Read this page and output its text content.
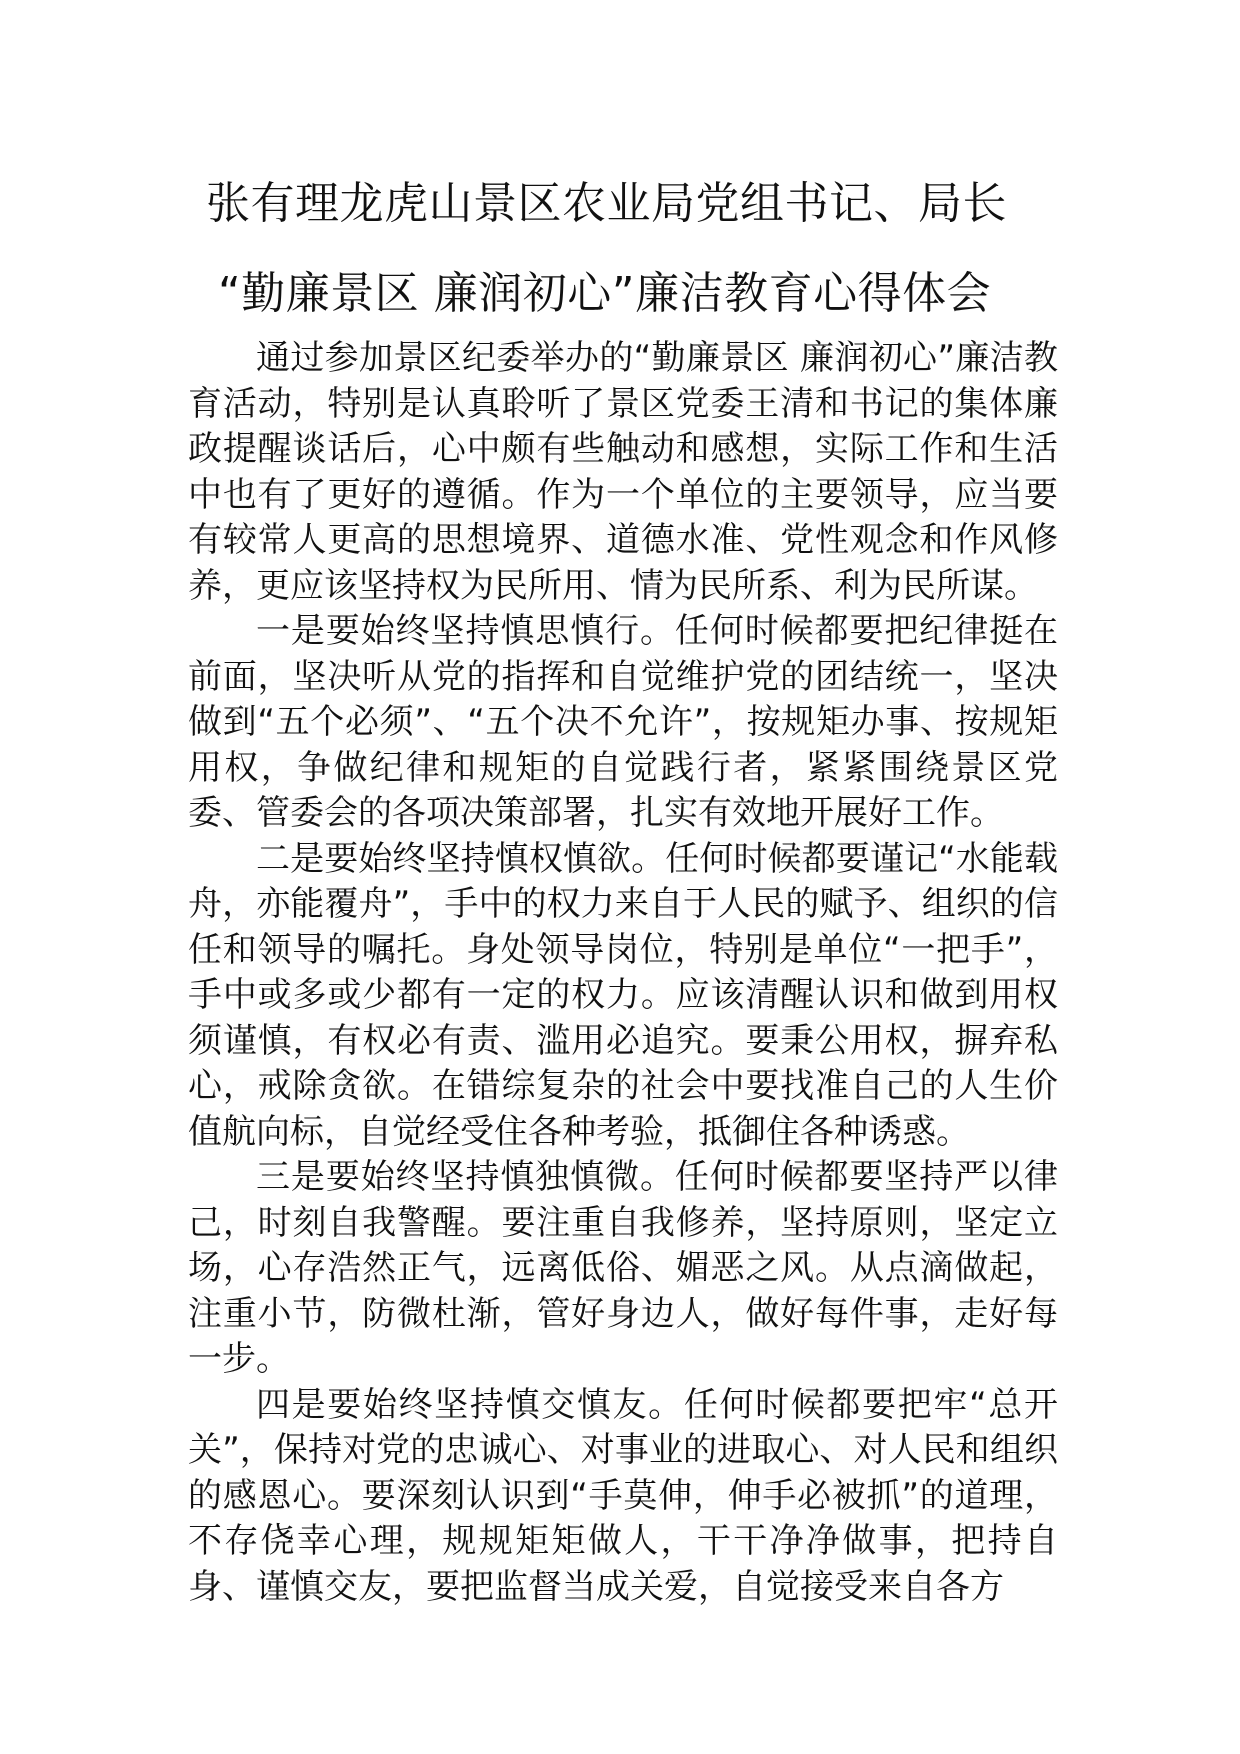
张有理龙虎山景区农业局党组书记、局长
“勤廉景区 廉润初心”廉洁教育心得体会

通过参加景区纪委举办的“勤廉景区 廉润初心”廉洁教育活动，特别是认真聆听了景区党委王清和书记的集体廉政提醒谈话后，心中颇有些触动和感想，实际工作和生活中也有了更好的遵循。作为一个单位的主要领导，应当要有较常人更高的思想境界、道德水准、党性观念和作风修养，更应该坚持权为民所用、情为民所系、利为民所谋。

一是要始终坚持慎思慎行。任何时候都要把纪律挺在前面，坚决听从党的指挥和自觉维护党的团结统一，坚决做到“五个必须”、“五个决不允许”，按规矩办事、按规矩用权，争做纪律和规矩的自觉践行者，紧紧围绕景区党委、管委会的各项决策部署，扎实有效地开展好工作。

二是要始终坚持慎权慎欲。任何时候都要谨记“水能载舟，亦能覆舟”，手中的权力来自于人民的赋予、组织的信任和领导的嘱托。身处领导岗位，特别是单位“一把手”，手中或多或少都有一定的权力。应该清醒认识和做到用权须谨慎，有权必有责、滥用必追究。要秉公用权，摒弃私心，戒除贪欲。在错综复杂的社会中要找准自己的人生价值航向标，自觉经受住各种考验，抵御住各种诱惑。

三是要始终坚持慎独慎微。任何时候都要坚持严以律己，时刻自我警醒。要注重自我修养，坚持原则，坚定立场，心存浩然正气，远离低俗、媚恶之风。从点滴做起，注重小节，防微杜渐，管好身边人，做好每件事，走好每一步。

四是要始终坚持慎交慎友。任何时候都要把牢“总开关”，保持对党的忠诚心、对事业的进取心、对人民和组织的感恩心。要深刻认识到“手莫伸，伸手必被抓”的道理，不存侥幸心理，规规矩矩做人，干干净净做事，把持自身、谨慎交友，要把监督当成关爱，自觉接受来自各方
